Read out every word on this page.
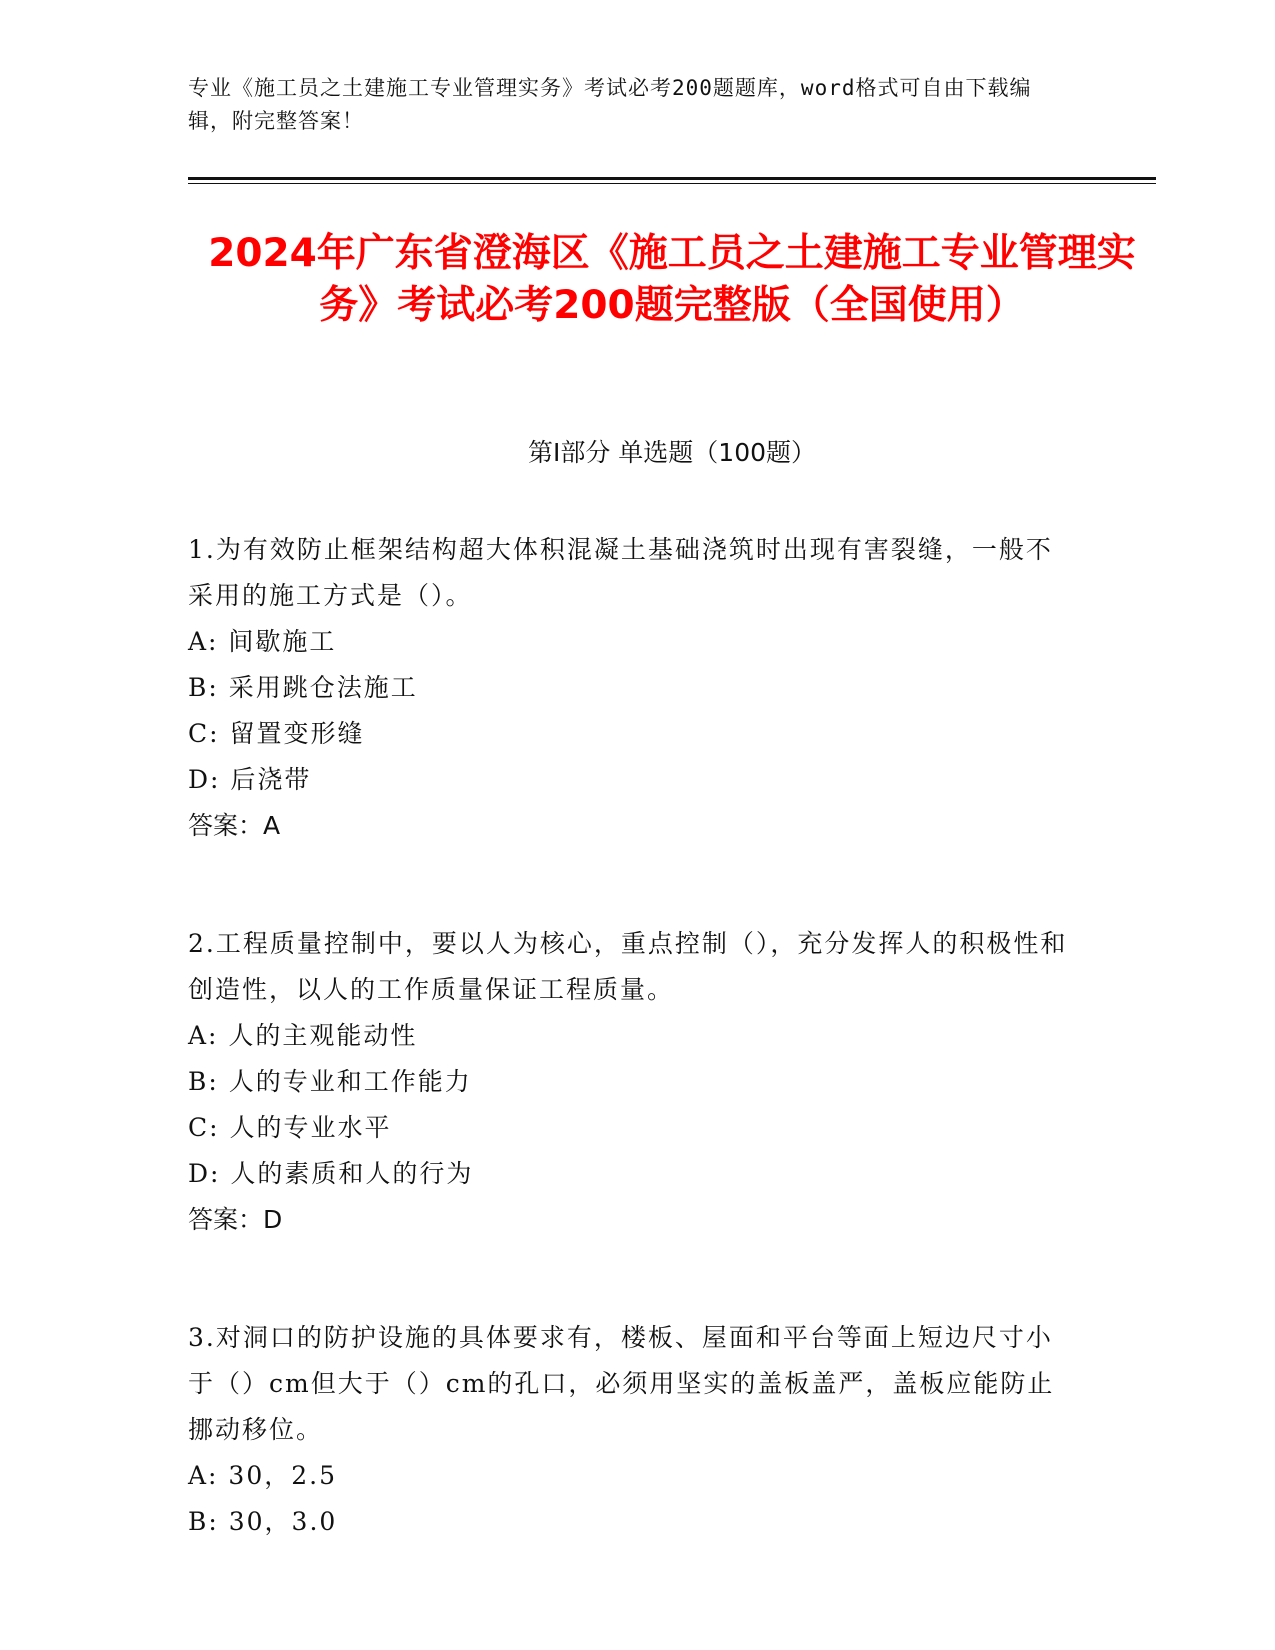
专业《施工员之土建施工专业管理实务》考试必考200题题库，word格式可自由下载编辑，附完整答案！
2024年广东省澄海区《施工员之土建施工专业管理实务》考试必考200题完整版（全国使用）
第I部分 单选题（100题）

1.为有效防止框架结构超大体积混凝土基础浇筑时出现有害裂缝，一般不采用的施工方式是（）。

A: 间歇施工

B: 采用跳仓法施工

C: 留置变形缝

D: 后浇带

答案：A

2.工程质量控制中，要以人为核心，重点控制（），充分发挥人的积极性和创造性，以人的工作质量保证工程质量。

A: 人的主观能动性

B: 人的专业和工作能力

C: 人的专业水平

D: 人的素质和人的行为

答案：D

3.对洞口的防护设施的具体要求有，楼板、屋面和平台等面上短边尺寸小于（）cm但大于（）cm的孔口，必须用坚实的盖板盖严，盖板应能防止挪动移位。

A: 30，2.5

B: 30，3.0
